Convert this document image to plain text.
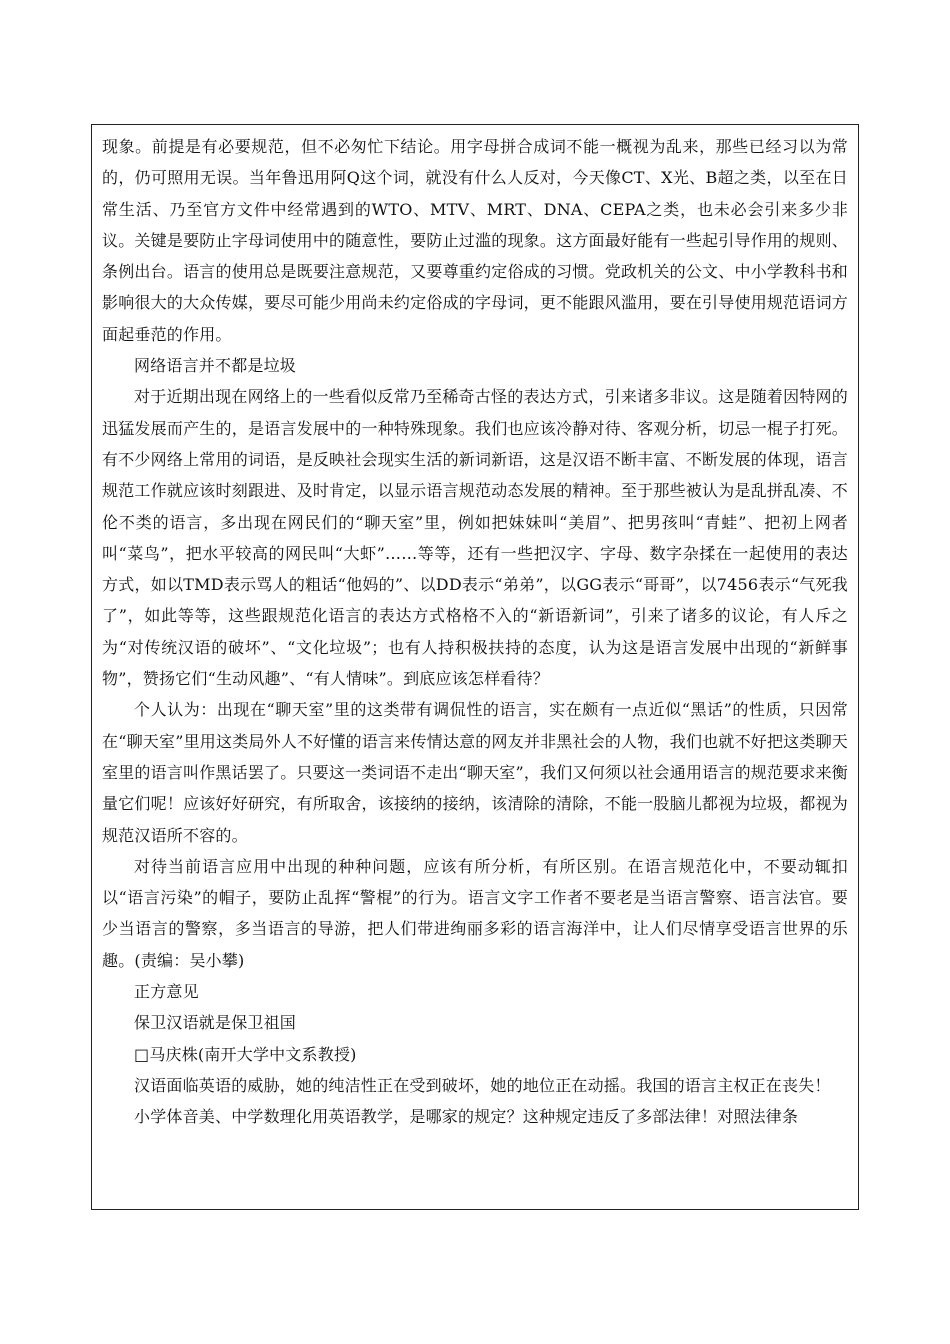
现象。前提是有必要规范，但不必匆忙下结论。用字母拼合成词不能一概视为乱来，那些已经习以为常的，仍可照用无误。当年鲁迅用阿Q这个词，就没有什么人反对，今天像CT、X光、B超之类，以至在日常生活、乃至官方文件中经常遇到的WTO、MTV、MRT、DNA、CEPA之类，也未必会引来多少非议。关键是要防止字母词使用中的随意性，要防止过滥的现象。这方面最好能有一些起引导作用的规则、条例出台。语言的使用总是既要注意规范，又要尊重约定俗成的习惯。党政机关的公文、中小学教科书和影响很大的大众传媒，要尽可能少用尚未约定俗成的字母词，更不能跟风滥用，要在引导使用规范语词方面起垂范的作用。

网络语言并不都是垃圾

对于近期出现在网络上的一些看似反常乃至稀奇古怪的表达方式，引来诸多非议。这是随着因特网的迅猛发展而产生的，是语言发展中的一种特殊现象。我们也应该冷静对待、客观分析，切忌一棍子打死。有不少网络上常用的词语，是反映社会现实生活的新词新语，这是汉语不断丰富、不断发展的体现，语言规范工作就应该时刻跟进、及时肯定，以显示语言规范动态发展的精神。至于那些被认为是乱拼乱凑、不伦不类的语言，多出现在网民们的“聊天室”里，例如把妹妹叫“美眉”、把男孩叫“青蛙”、把初上网者叫“菜鸟”，把水平较高的网民叫“大虾”……等等，还有一些把汉字、字母、数字杂揉在一起使用的表达方式，如以TMD表示骂人的粗话“他妈的”、以DD表示“弟弟”，以GG表示“哥哥”，以7456表示“气死我了”，如此等等，这些跟规范化语言的表达方式格格不入的“新语新词”，引来了诸多的议论，有人斥之为“对传统汉语的破坏”、“文化垃圾”；也有人持积极扶持的态度，认为这是语言发展中出现的“新鲜事物”，赞扬它们“生动风趣”、“有人情味”。到底应该怎样看待？

个人认为：出现在“聊天室”里的这类带有调侃性的语言，实在颇有一点近似“黑话”的性质，只因常在“聊天室”里用这类局外人不好懂的语言来传情达意的网友并非黑社会的人物，我们也就不好把这类聊天室里的语言叫作黑话罢了。只要这一类词语不走出“聊天室”，我们又何须以社会通用语言的规范要求来衡量它们呢！应该好好研究，有所取舍，该接纳的接纳，该清除的清除，不能一股脑儿都视为垃圾，都视为规范汉语所不容的。

对待当前语言应用中出现的种种问题，应该有所分析，有所区别。在语言规范化中，不要动辄扣以“语言污染”的帽子，要防止乱挥“警棍”的行为。语言文字工作者不要老是当语言警察、语言法官。要少当语言的警察，多当语言的导游，把人们带进绚丽多彩的语言海洋中，让人们尽情享受语言世界的乐趣。(责编：吴小攀)

正方意见

保卫汉语就是保卫祖国

□马庆株(南开大学中文系教授)

汉语面临英语的威胁，她的纯洁性正在受到破坏，她的地位正在动摇。我国的语言主权正在丧失！

小学体音美、中学数理化用英语教学，是哪家的规定？这种规定违反了多部法律！对照法律条
